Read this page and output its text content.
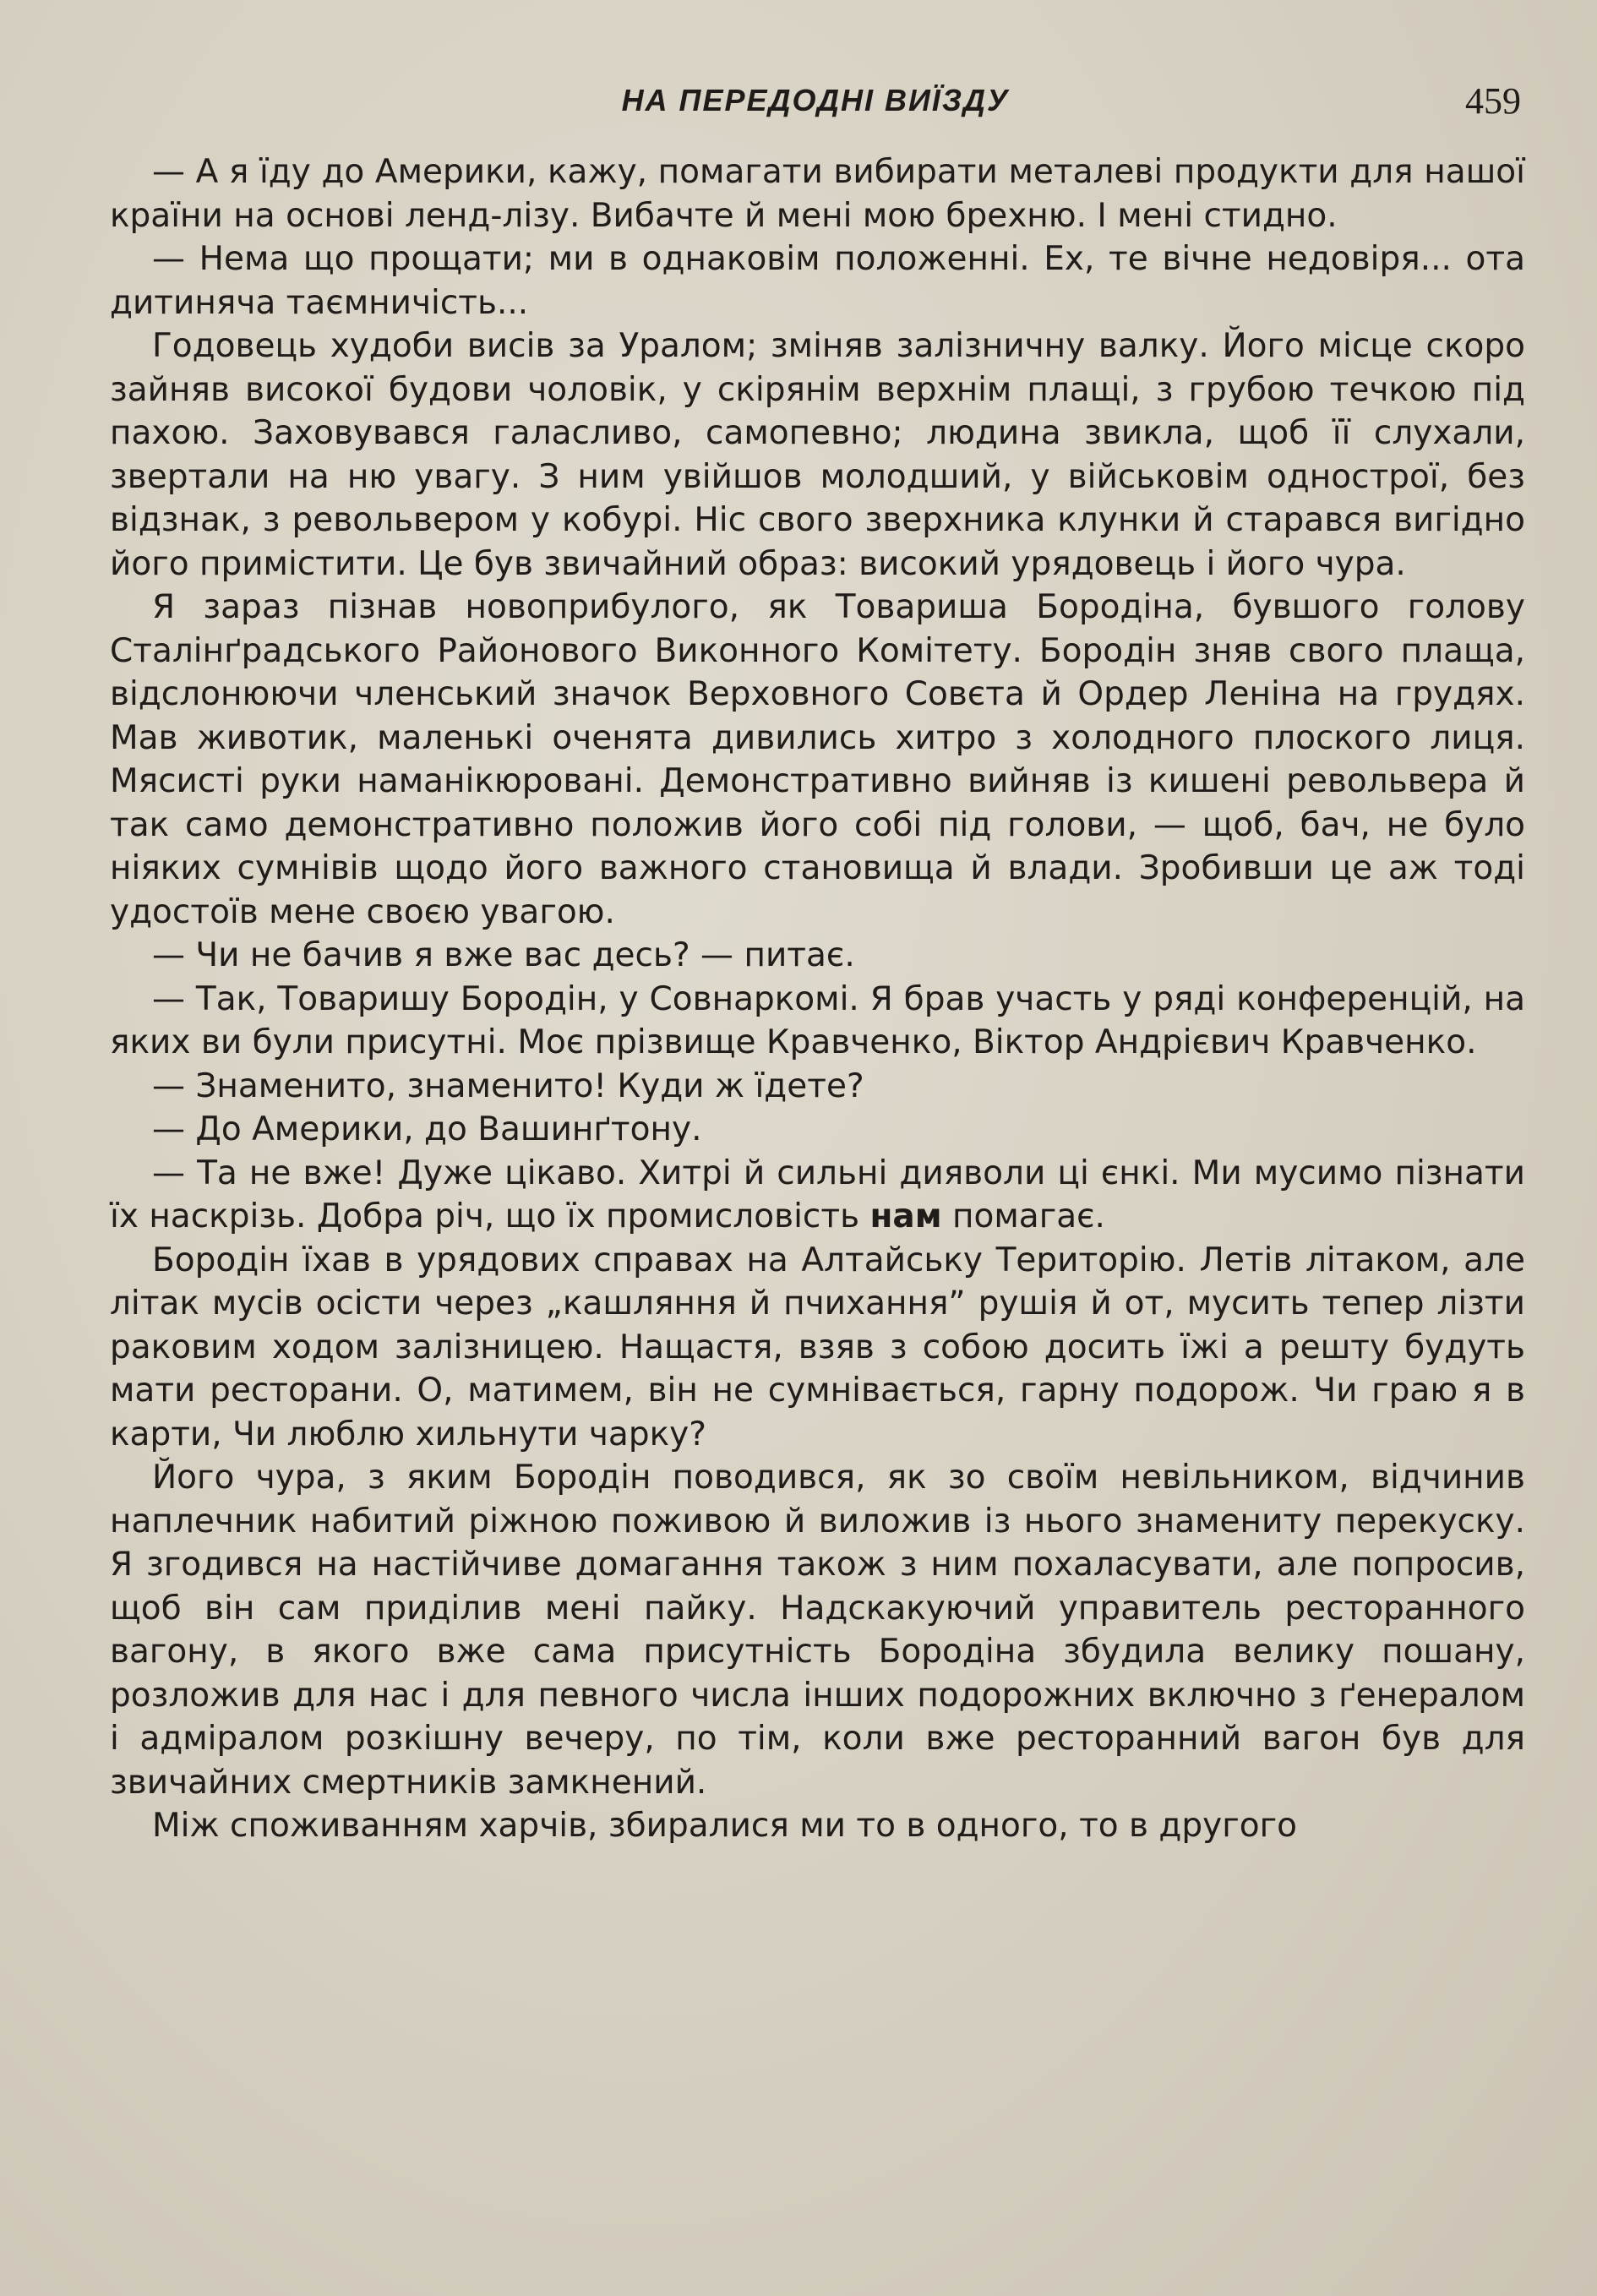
НА ПЕРЕДОДНІ ВИЇЗДУ	459

— А я їду до Америки, кажу, помагати вибирати металеві продукти для нашої країни на основі ленд-лізу. Вибачте й мені мою брехню. І мені стидно.

— Нема що прощати; ми в однаковім положенні. Ех, те вічне недовіря... ота дитиняча таємничість...

Годовець худоби висів за Уралом; зміняв залізничну валку. Його місце скоро зайняв високої будови чоловік, у скірянім верхнім плащі, з грубою течкою під пахою. Заховувався галасливо, самопевно; людина звикла, щоб її слухали, звертали на ню увагу. З ним увійшов молодший, у військовім однострої, без відзнак, з револьвером у кобурі. Ніс свого зверхника клунки й старався вигідно його примістити. Це був звичайний образ: високий урядовець і його чура.

Я зараз пізнав новоприбулого, як Товариша Бородіна, бувшого голову Сталінґрадського Районового Виконного Комітету. Бородін зняв свого плаща, відслонюючи членський значок Верховного Совєта й Ордер Леніна на грудях. Мав животик, маленькі оченята дивились хитро з холодного плоского лиця. Мясисті руки наманікюровані. Демонстративно вийняв із кишені револьвера й так само демонстративно положив його собі під голови, — щоб, бач, не було ніяких сумнівів щодо його важного становища й влади. Зробивши це аж тоді удостоїв мене своєю увагою.

— Чи не бачив я вже вас десь? — питає.

— Так, Товаришу Бородін, у Совнаркомі. Я брав участь у ряді конференцій, на яких ви були присутні. Моє прізвище Кравченко, Віктор Андрієвич Кравченко.

— Знаменито, знаменито! Куди ж їдете?

— До Америки, до Вашинґтону.

— Та не вже! Дуже цікаво. Хитрі й сильні дияволи ці єнкі. Ми мусимо пізнати їх наскрізь. Добра річ, що їх промисловість нам помагає.

Бородін їхав в урядових справах на Алтайську Територію. Летів літаком, але літак мусів осісти через „кашляння й пчихання” рушія й от, мусить тепер лізти раковим ходом залізницею. Нащастя, взяв з собою досить їжі а решту будуть мати ресторани. О, матимем, він не сумнівається, гарну подорож. Чи граю я в карти, Чи люблю хильнути чарку?

Його чура, з яким Бородін поводився, як зо своїм невільником, відчинив наплечник набитий ріжною поживою й виложив із нього знамениту перекуску. Я згодився на настійчиве домагання також з ним похаласувати, але попросив, щоб він сам приділив мені пайку. Надскакуючий управитель ресторанного вагону, в якого вже сама присутність Бородіна збудила велику пошану, розложив для нас і для певного числа інших подорожних включно з ґенералом і адміралом розкішну вечеру, по тім, коли вже ресторанний вагон був для звичайних смертників замкнений.

Між споживанням харчів, збиралися ми то в одного, то в другого
